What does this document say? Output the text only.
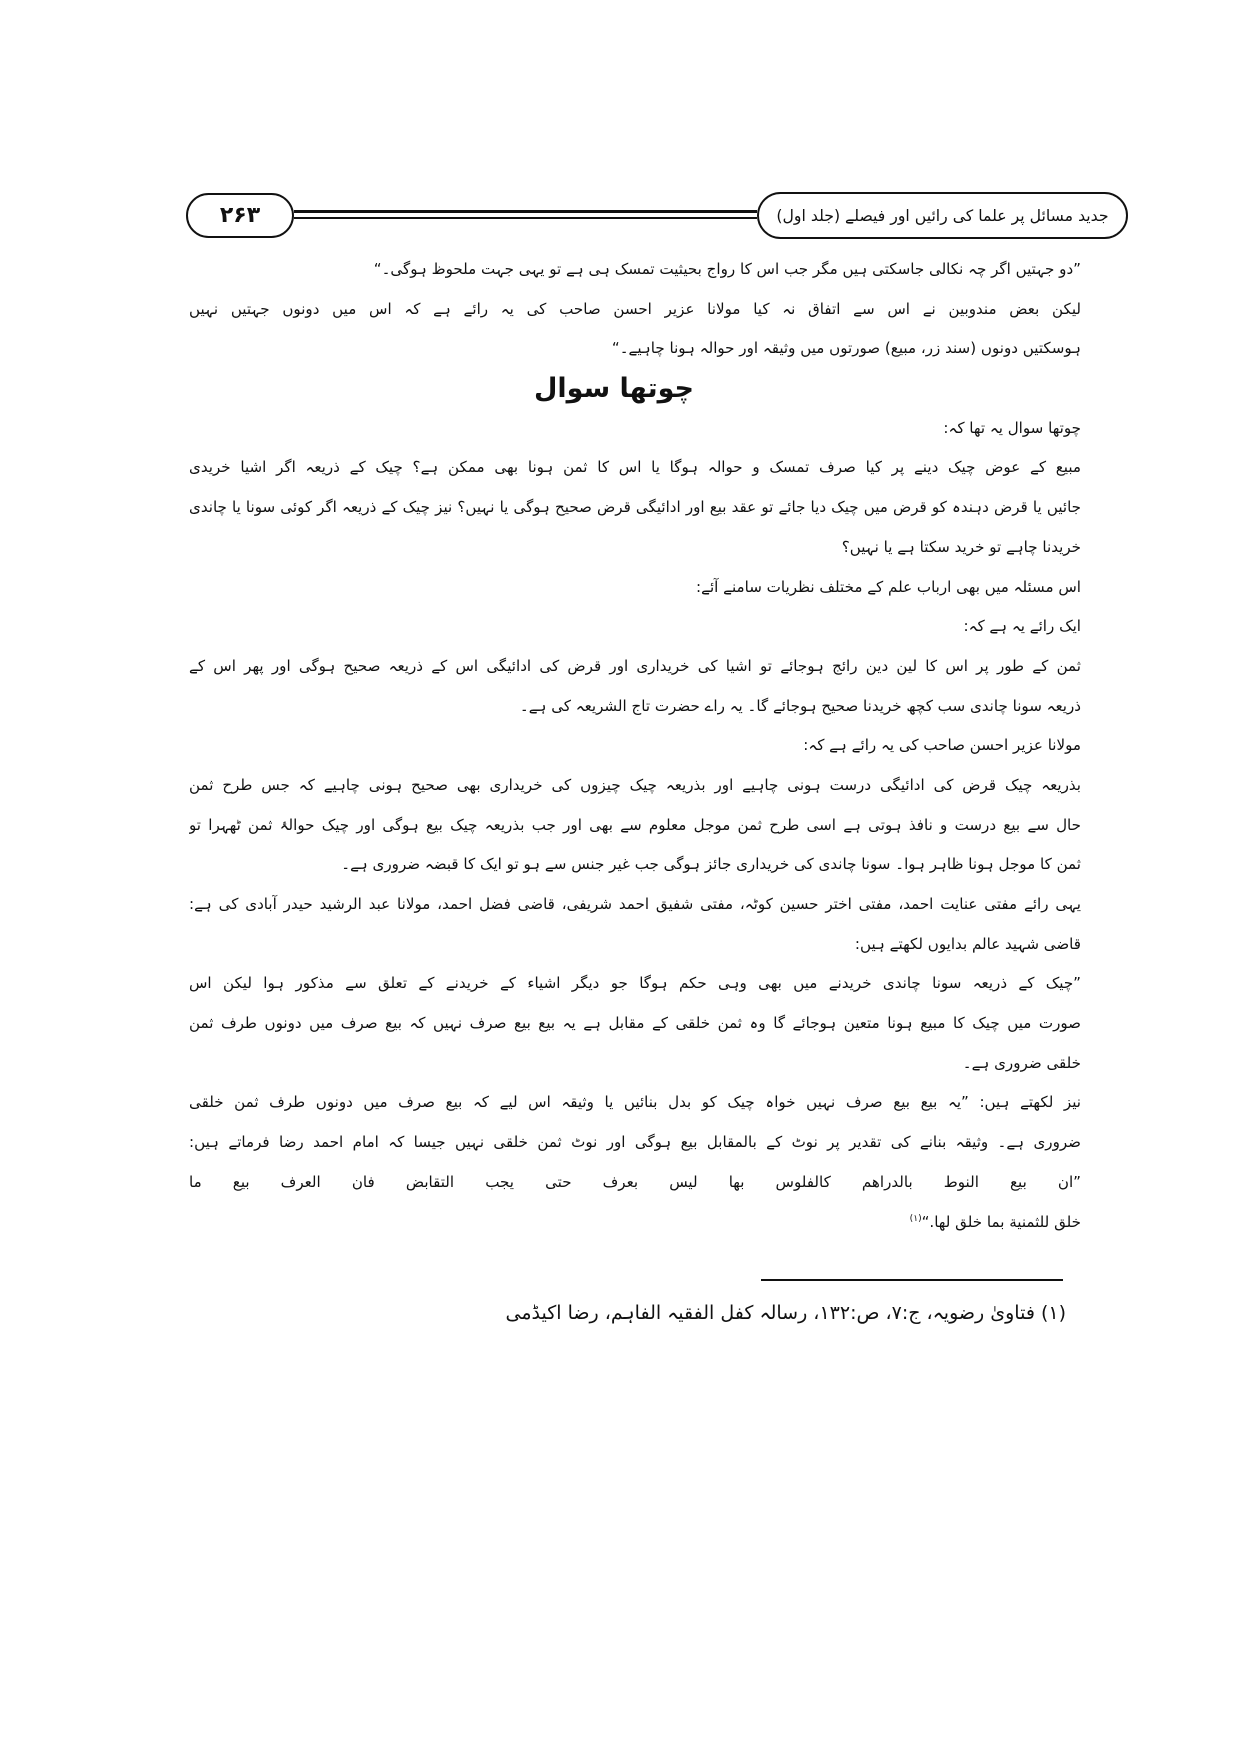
۲۶۳	جدید مسائل پر علما کی رائیں اور فیصلے (جلد اول)
”دو جہتیں اگر چہ نکالی جاسکتی ہیں مگر جب اس کا رواج بحیثیت تمسک ہی ہے تو یہی جہت ملحوظ ہوگی۔“
لیکن بعض مندوبین نے اس سے اتفاق نہ کیا مولانا عزیر احسن صاحب کی یہ رائے ہے کہ اس میں دونوں جہتیں نہیں
ہوسکتیں دونوں (سند زر، مبیع) صورتوں میں وثیقہ اور حوالہ ہونا چاہیے۔“
چوتھا سوال
چوتھا سوال یہ تھا کہ:
مبیع کے عوض چیک دینے پر کیا صرف تمسک و حوالہ ہوگا یا اس کا ثمن ہونا بھی ممکن ہے؟ چیک کے ذریعہ اگر اشیا خریدی
جائیں یا قرض دہندہ کو قرض میں چیک دیا جائے تو عقد بیع اور ادائیگی قرض صحیح ہوگی یا نہیں؟ نیز چیک کے ذریعہ اگر کوئی سونا یا چاندی
خریدنا چاہے تو خرید سکتا ہے یا نہیں؟
اس مسئلہ میں بھی ارباب علم کے مختلف نظریات سامنے آئے:
ایک رائے یہ ہے کہ:
ثمن کے طور پر اس کا لین دین رائج ہوجائے تو اشیا کی خریداری اور قرض کی ادائیگی اس کے ذریعہ صحیح ہوگی اور پھر اس کے
ذریعہ سونا چاندی سب کچھ خریدنا صحیح ہوجائے گا۔ یہ راے حضرت تاج الشریعہ کی ہے۔
مولانا عزیر احسن صاحب کی یہ رائے ہے کہ:
بذریعہ چیک قرض کی ادائیگی درست ہونی چاہیے اور بذریعہ چیک چیزوں کی خریداری بھی صحیح ہونی چاہیے کہ جس طرح ثمن
حال سے بیع درست و نافذ ہوتی ہے اسی طرح ثمن موجل معلوم سے بھی اور جب بذریعہ چیک بیع ہوگی اور چیک حوالۂ ثمن ٹھہرا تو
ثمن کا موجل ہونا ظاہر ہوا۔ سونا چاندی کی خریداری جائز ہوگی جب غیر جنس سے ہو تو ایک کا قبضہ ضروری ہے۔
یہی رائے مفتی عنایت احمد، مفتی اختر حسین کوٹہ، مفتی شفیق احمد شریفی، قاضی فضل احمد، مولانا عبد الرشید حیدر آبادی کی ہے:
قاضی شہید عالم بدایوں لکھتے ہیں:
”چیک کے ذریعہ سونا چاندی خریدنے میں بھی وہی حکم ہوگا جو دیگر اشیاء کے خریدنے کے تعلق سے مذکور ہوا لیکن اس
صورت میں چیک کا مبیع ہونا متعین ہوجائے گا وہ ثمن خلقی کے مقابل ہے یہ بیع بیع صرف نہیں کہ بیع صرف میں دونوں طرف ثمن
خلقی ضروری ہے۔
نیز لکھتے ہیں: ”یہ بیع بیع صرف نہیں خواہ چیک کو بدل بنائیں یا وثیقہ اس لیے کہ بیع صرف میں دونوں طرف ثمن خلقی
ضروری ہے۔ وثیقہ بنانے کی تقدیر پر نوٹ کے بالمقابل بیع ہوگی اور نوٹ ثمن خلقی نہیں جیسا کہ امام احمد رضا فرماتے ہیں:
”ان بيع النوط بالدراهم كالفلوس بها ليس بعرف حتى يجب التقابض فان العرف بيع ما
خلق للثمنية بما خلق لها.“$^{(۱)}$
(۱) فتاویٰ رضویہ، ج:۷، ص:۱۳۲، رسالہ کفل الفقیہ الفاہم، رضا اکیڈمی
